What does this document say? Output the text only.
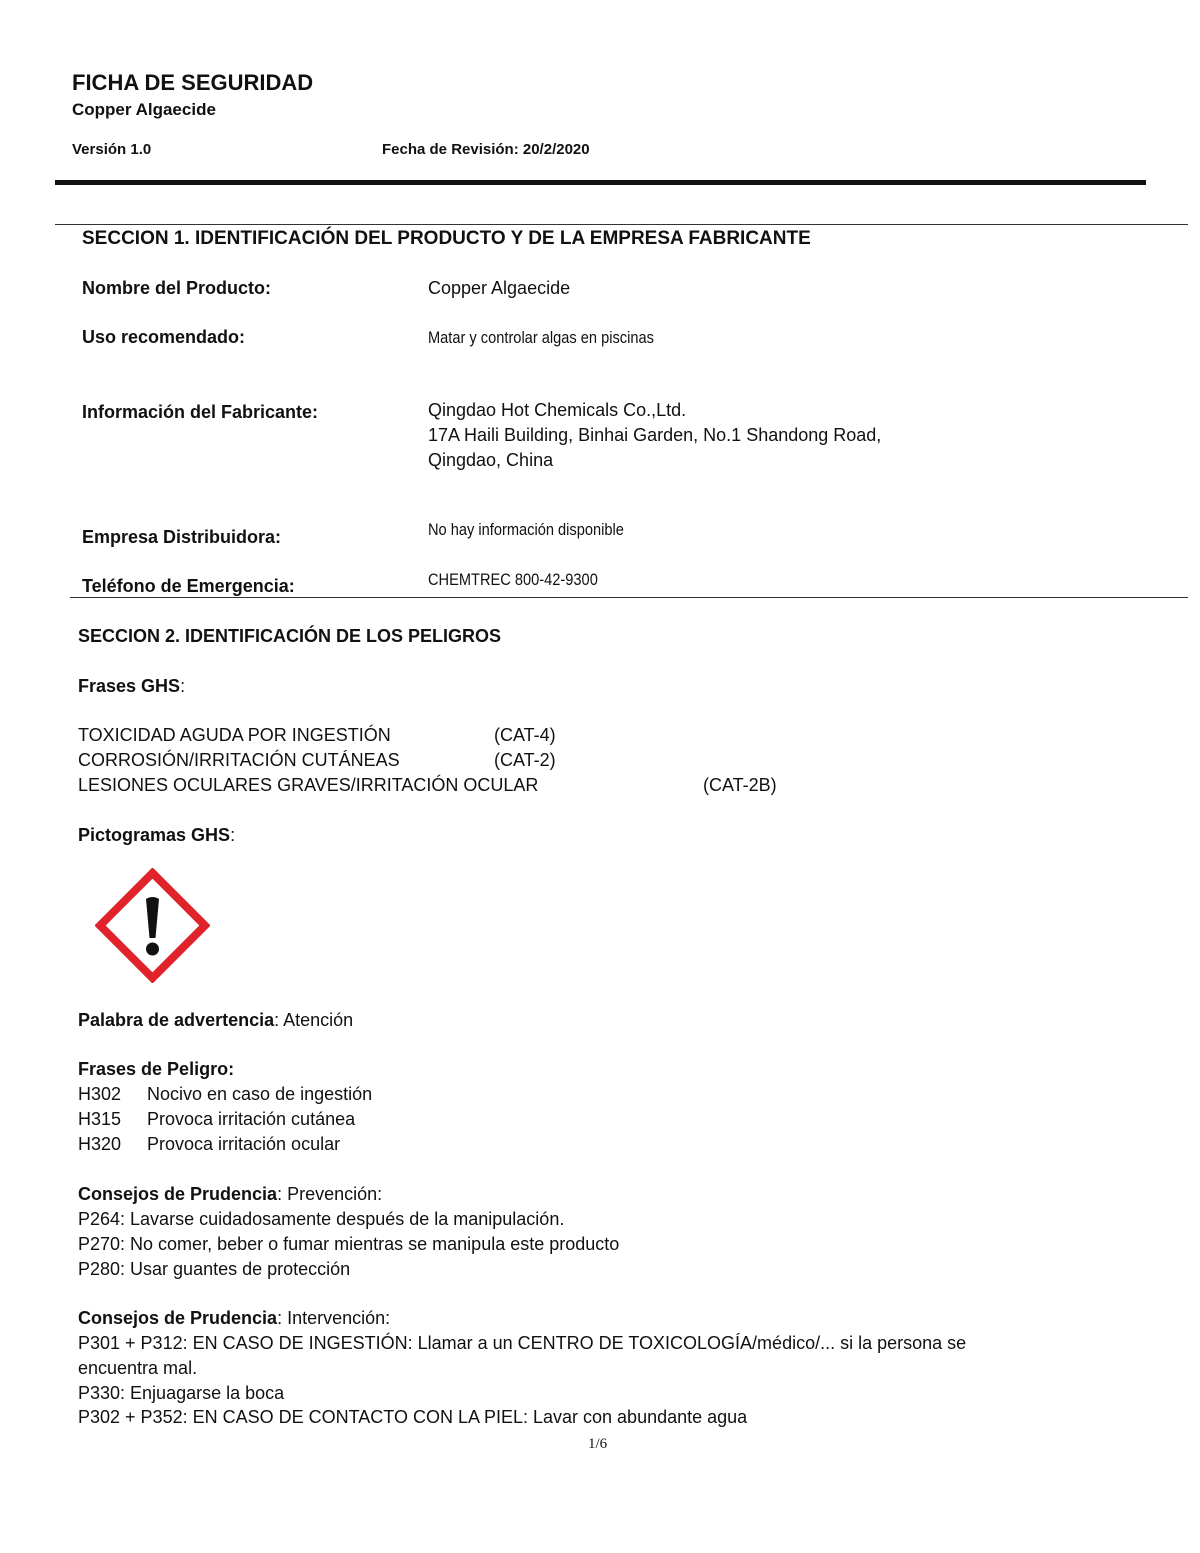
FICHA DE SEGURIDAD
Copper Algaecide
Versión 1.0	Fecha de Revisión: 20/2/2020
SECCION 1. IDENTIFICACIÓN DEL PRODUCTO Y DE LA EMPRESA FABRICANTE
Nombre del Producto:	Copper Algaecide
Uso recomendado:	Matar y controlar algas en piscinas
Información del Fabricante:	Qingdao Hot Chemicals Co.,Ltd.
17A Haili Building, Binhai Garden, No.1 Shandong Road,
Qingdao, China
Empresa Distribuidora:	No hay información disponible
Teléfono de Emergencia:	CHEMTREC 800-42-9300
SECCION 2. IDENTIFICACIÓN DE LOS PELIGROS
Frases GHS:
TOXICIDAD AGUDA POR INGESTIÓN	(CAT-4)
CORROSIÓN/IRRITACIÓN CUTÁNEAS	(CAT-2)
LESIONES OCULARES GRAVES/IRRITACIÓN OCULAR	(CAT-2B)
Pictogramas GHS:
Palabra de advertencia: Atención
Frases de Peligro:
H302 Nocivo en caso de ingestión
H315 Provoca irritación cutánea
H320 Provoca irritación ocular
Consejos de Prudencia: Prevención:
P264: Lavarse cuidadosamente después de la manipulación.
P270: No comer, beber o fumar mientras se manipula este producto
P280: Usar guantes de protección
Consejos de Prudencia: Intervención:
P301 + P312: EN CASO DE INGESTIÓN: Llamar a un CENTRO DE TOXICOLOGÍA/médico/... si la persona se
encuentra mal.
P330: Enjuagarse la boca
P302 + P352: EN CASO DE CONTACTO CON LA PIEL: Lavar con abundante agua
1/6
